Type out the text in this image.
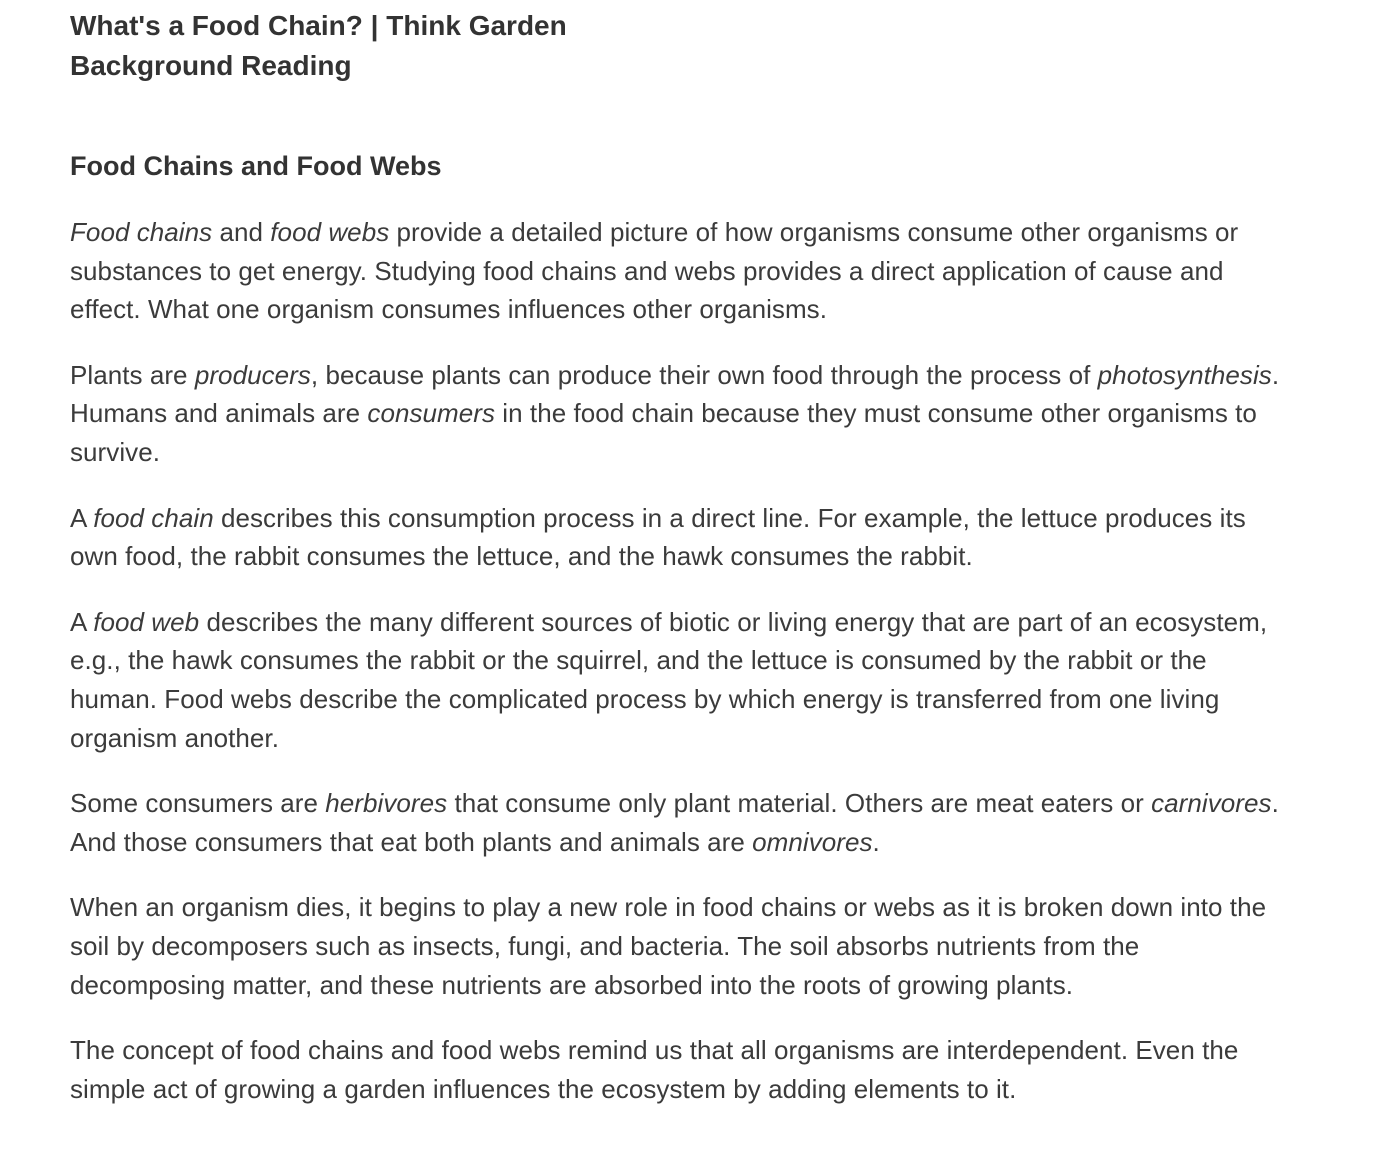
What's a Food Chain? | Think Garden
Background Reading
Food Chains and Food Webs

Food chains and food webs provide a detailed picture of how organisms consume other organisms or substances to get energy. Studying food chains and webs provides a direct application of cause and effect. What one organism consumes influences other organisms.

Plants are producers, because plants can produce their own food through the process of photosynthesis. Humans and animals are consumers in the food chain because they must consume other organisms to survive.

A food chain describes this consumption process in a direct line. For example, the lettuce produces its own food, the rabbit consumes the lettuce, and the hawk consumes the rabbit.

A food web describes the many different sources of biotic or living energy that are part of an ecosystem, e.g., the hawk consumes the rabbit or the squirrel, and the lettuce is consumed by the rabbit or the human. Food webs describe the complicated process by which energy is transferred from one living organism another.

Some consumers are herbivores that consume only plant material. Others are meat eaters or carnivores. And those consumers that eat both plants and animals are omnivores.

When an organism dies, it begins to play a new role in food chains or webs as it is broken down into the soil by decomposers such as insects, fungi, and bacteria. The soil absorbs nutrients from the decomposing matter, and these nutrients are absorbed into the roots of growing plants.

The concept of food chains and food webs remind us that all organisms are interdependent. Even the simple act of growing a garden influences the ecosystem by adding elements to it.
